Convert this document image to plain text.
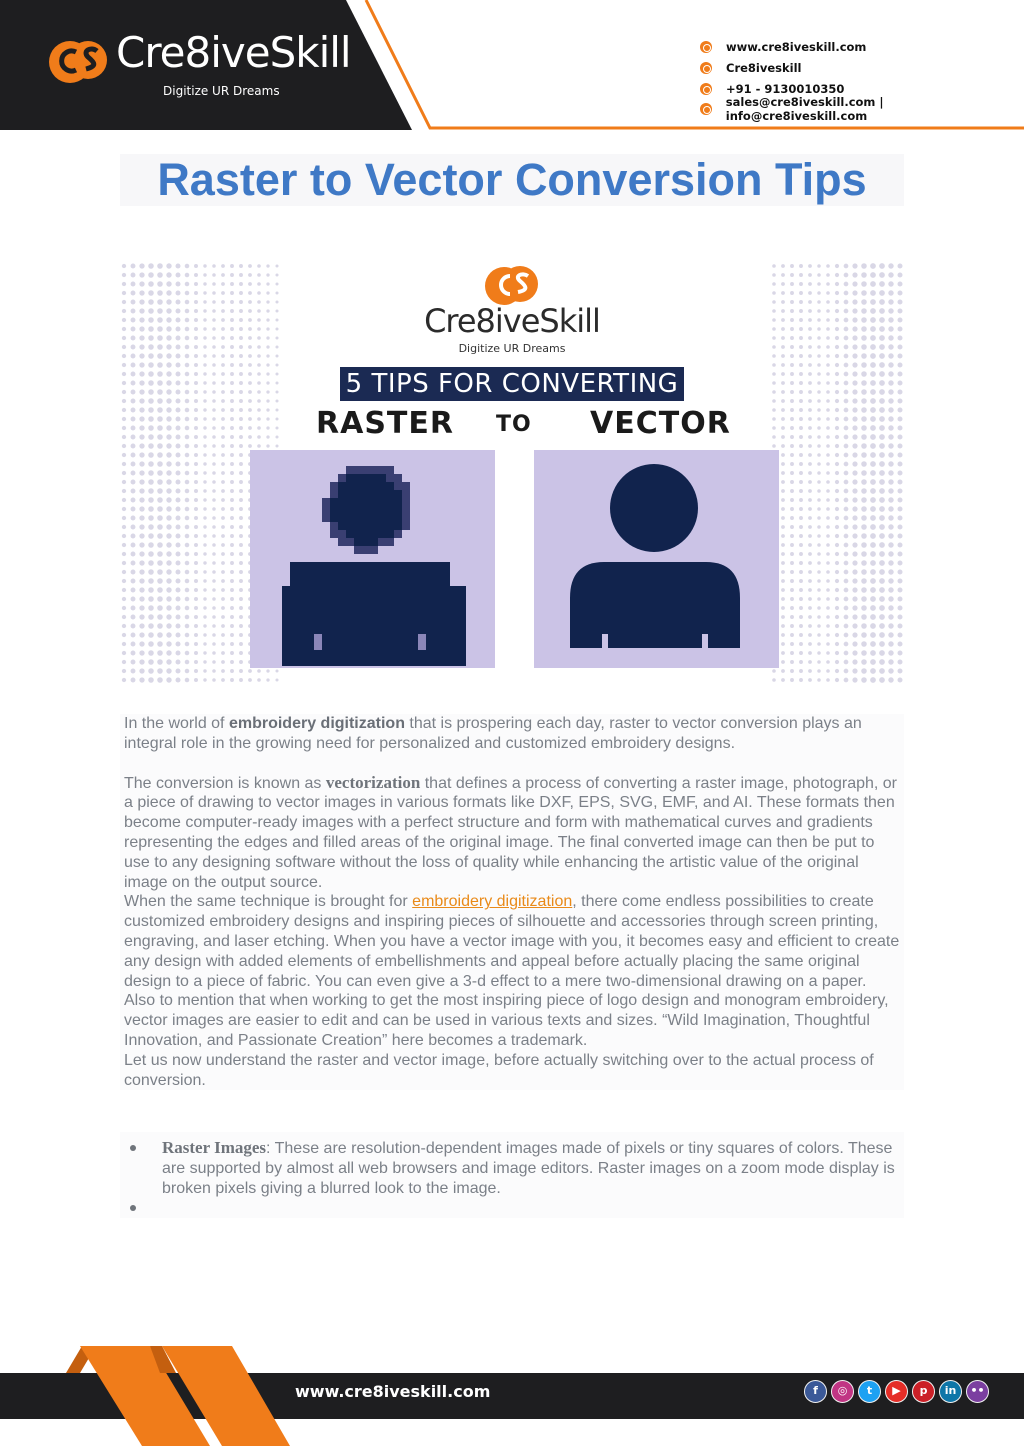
Cre8iveSkill
Digitize UR Dreams
www.cre8iveskill.com
Cre8iveskill
+91 - 9130010350
sales@cre8iveskill.com | info@cre8iveskill.com
Raster to Vector Conversion Tips
Cre8iveSkill
Digitize UR Dreams
5 TIPS FOR CONVERTING
RASTER TO VECTOR

In the world of embroidery digitization that is prospering each day, raster to vector conversion plays an integral role in the growing need for personalized and customized embroidery designs.

The conversion is known as vectorization that defines a process of converting a raster image, photograph, or a piece of drawing to vector images in various formats like DXF, EPS, SVG, EMF, and AI. These formats then become computer-ready images with a perfect structure and form with mathematical curves and gradients representing the edges and filled areas of the original image. The final converted image can then be put to use to any designing software without the loss of quality while enhancing the artistic value of the original image on the output source.

When the same technique is brought for embroidery digitization, there come endless possibilities to create customized embroidery designs and inspiring pieces of silhouette and accessories through screen printing, engraving, and laser etching. When you have a vector image with you, it becomes easy and efficient to create any design with added elements of embellishments and appeal before actually placing the same original design to a piece of fabric. You can even give a 3-d effect to a mere two-dimensional drawing on a paper. Also to mention that when working to get the most inspiring piece of logo design and monogram embroidery, vector images are easier to edit and can be used in various texts and sizes. “Wild Imagination, Thoughtful Innovation, and Passionate Creation” here becomes a trademark.

Let us now understand the raster and vector image, before actually switching over to the actual process of conversion.

Raster Images: These are resolution-dependent images made of pixels or tiny squares of colors. These are supported by almost all web browsers and image editors. Raster images on a zoom mode display is broken pixels giving a blurred look to the image.
www.cre8iveskill.com	f	◎	t	▶	p	in	••
